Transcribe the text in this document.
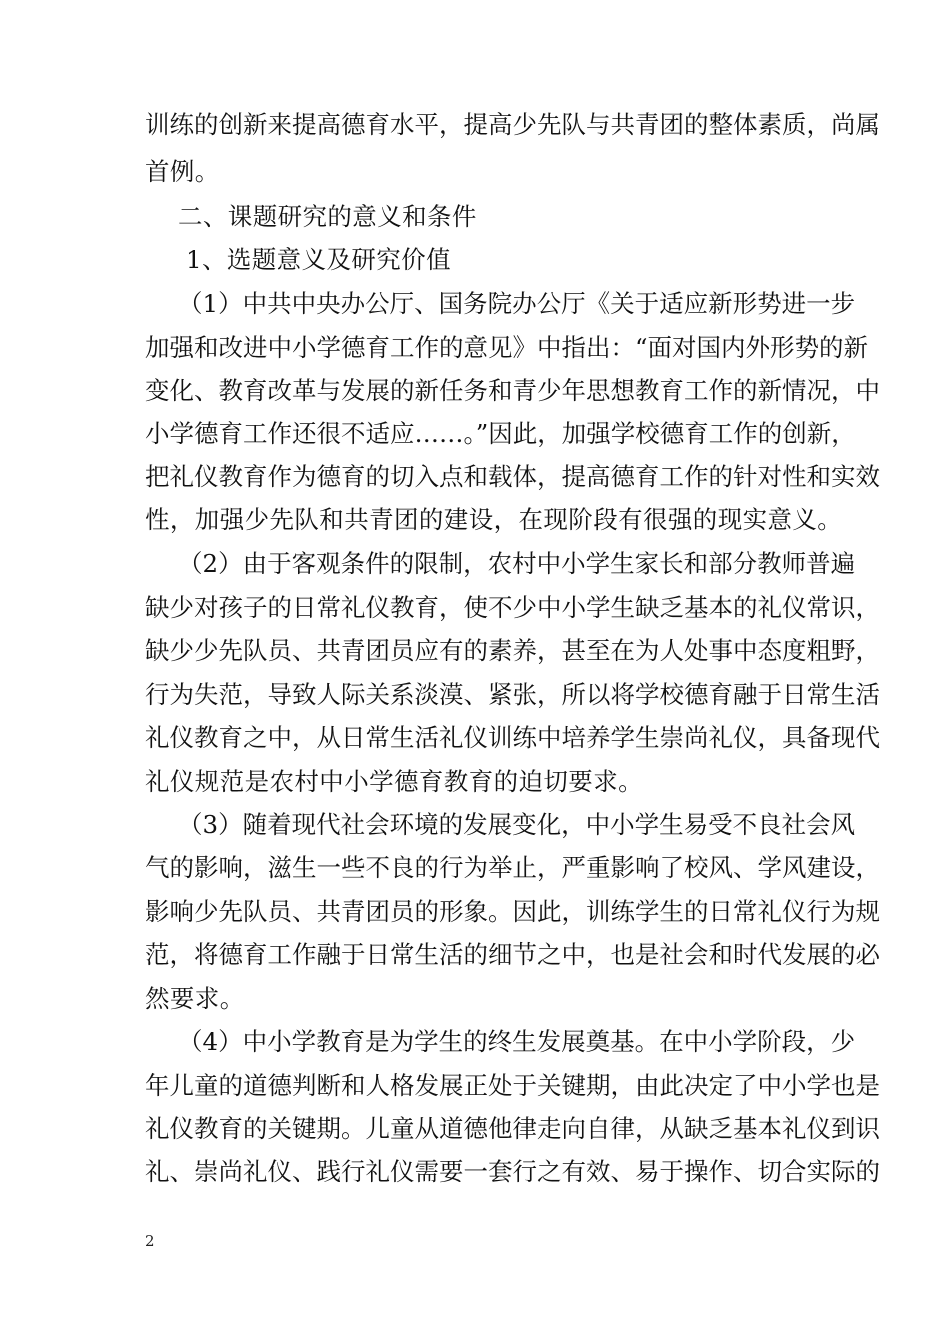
训练的创新来提高德育水平，提高少先队与共青团的整体素质，尚属
首例。
二、课题研究的意义和条件
1、选题意义及研究价值
（1）中共中央办公厅、国务院办公厅《关于适应新形势进一步
加强和改进中小学德育工作的意见》中指出：“面对国内外形势的新
变化、教育改革与发展的新任务和青少年思想教育工作的新情况，中
小学德育工作还很不适应……。”因此，加强学校德育工作的创新，
把礼仪教育作为德育的切入点和载体，提高德育工作的针对性和实效
性，加强少先队和共青团的建设，在现阶段有很强的现实意义。
（2）由于客观条件的限制，农村中小学生家长和部分教师普遍
缺少对孩子的日常礼仪教育，使不少中小学生缺乏基本的礼仪常识，
缺少少先队员、共青团员应有的素养，甚至在为人处事中态度粗野，
行为失范，导致人际关系淡漠、紧张，所以将学校德育融于日常生活
礼仪教育之中，从日常生活礼仪训练中培养学生崇尚礼仪，具备现代
礼仪规范是农村中小学德育教育的迫切要求。
（3）随着现代社会环境的发展变化，中小学生易受不良社会风
气的影响，滋生一些不良的行为举止，严重影响了校风、学风建设，
影响少先队员、共青团员的形象。因此，训练学生的日常礼仪行为规
范，将德育工作融于日常生活的细节之中，也是社会和时代发展的必
然要求。
（4）中小学教育是为学生的终生发展奠基。在中小学阶段，少
年儿童的道德判断和人格发展正处于关键期，由此决定了中小学也是
礼仪教育的关键期。儿童从道德他律走向自律，从缺乏基本礼仪到识
礼、崇尚礼仪、践行礼仪需要一套行之有效、易于操作、切合实际的
2
